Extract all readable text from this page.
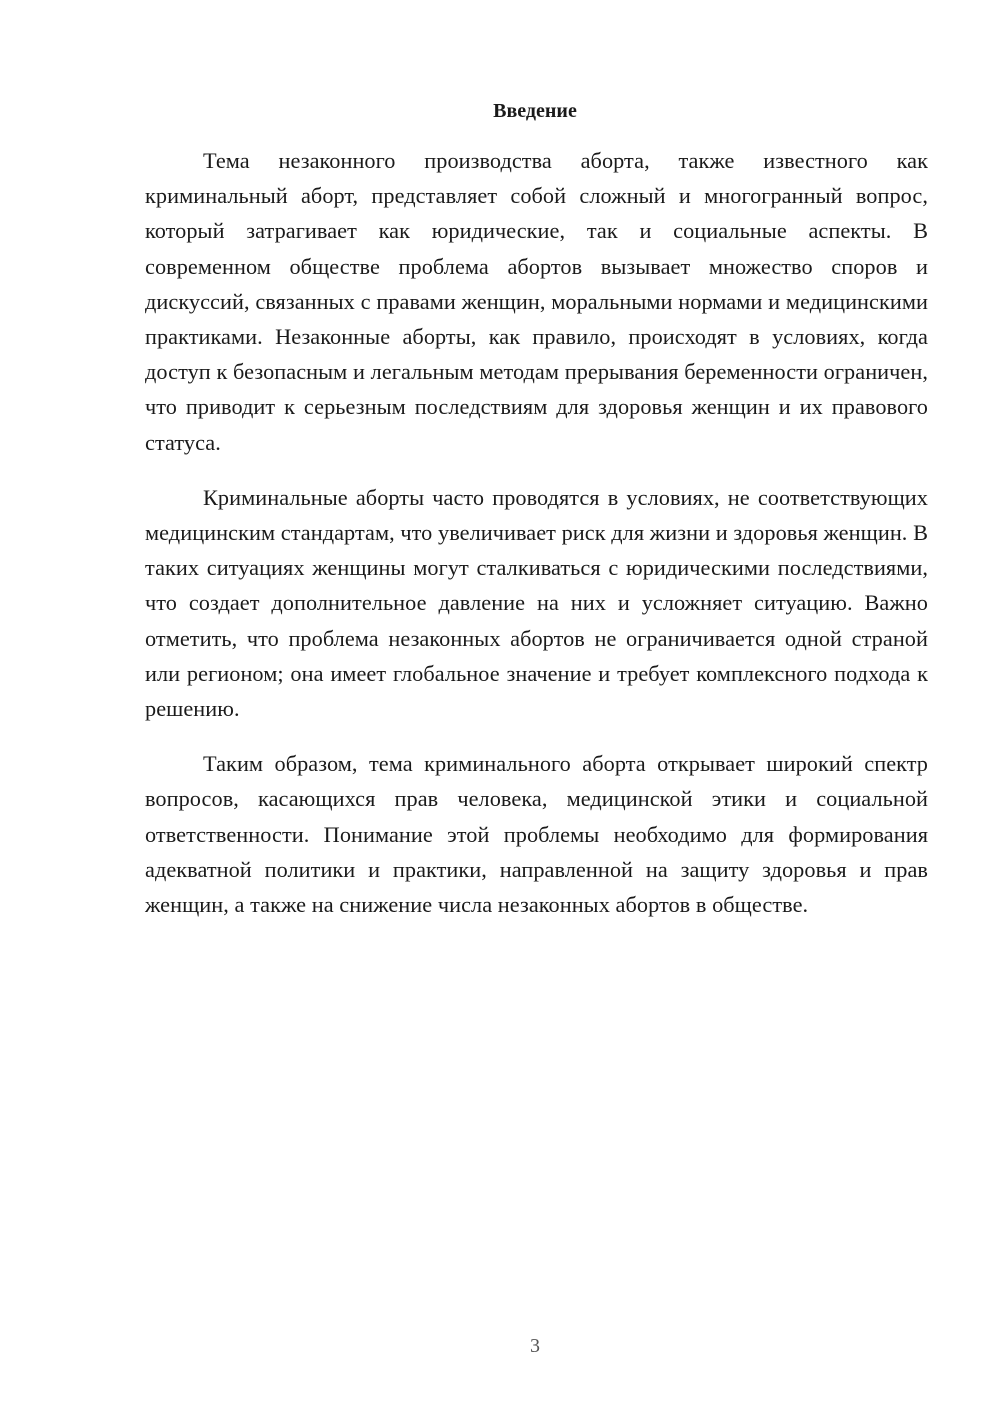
Введение

Тема незаконного производства аборта, также известного как криминальный аборт, представляет собой сложный и многогранный вопрос, который затрагивает как юридические, так и социальные аспекты. В современном обществе проблема абортов вызывает множество споров и дискуссий, связанных с правами женщин, моральными нормами и медицинскими практиками. Незаконные аборты, как правило, происходят в условиях, когда доступ к безопасным и легальным методам прерывания беременности ограничен, что приводит к серьезным последствиям для здоровья женщин и их правового статуса.

Криминальные аборты часто проводятся в условиях, не соответствующих медицинским стандартам, что увеличивает риск для жизни и здоровья женщин. В таких ситуациях женщины могут сталкиваться с юридическими последствиями, что создает дополнительное давление на них и усложняет ситуацию. Важно отметить, что проблема незаконных абортов не ограничивается одной страной или регионом; она имеет глобальное значение и требует комплексного подхода к решению.

Таким образом, тема криминального аборта открывает широкий спектр вопросов, касающихся прав человека, медицинской этики и социальной ответственности. Понимание этой проблемы необходимо для формирования адекватной политики и практики, направленной на защиту здоровья и прав женщин, а также на снижение числа незаконных абортов в обществе.

3
